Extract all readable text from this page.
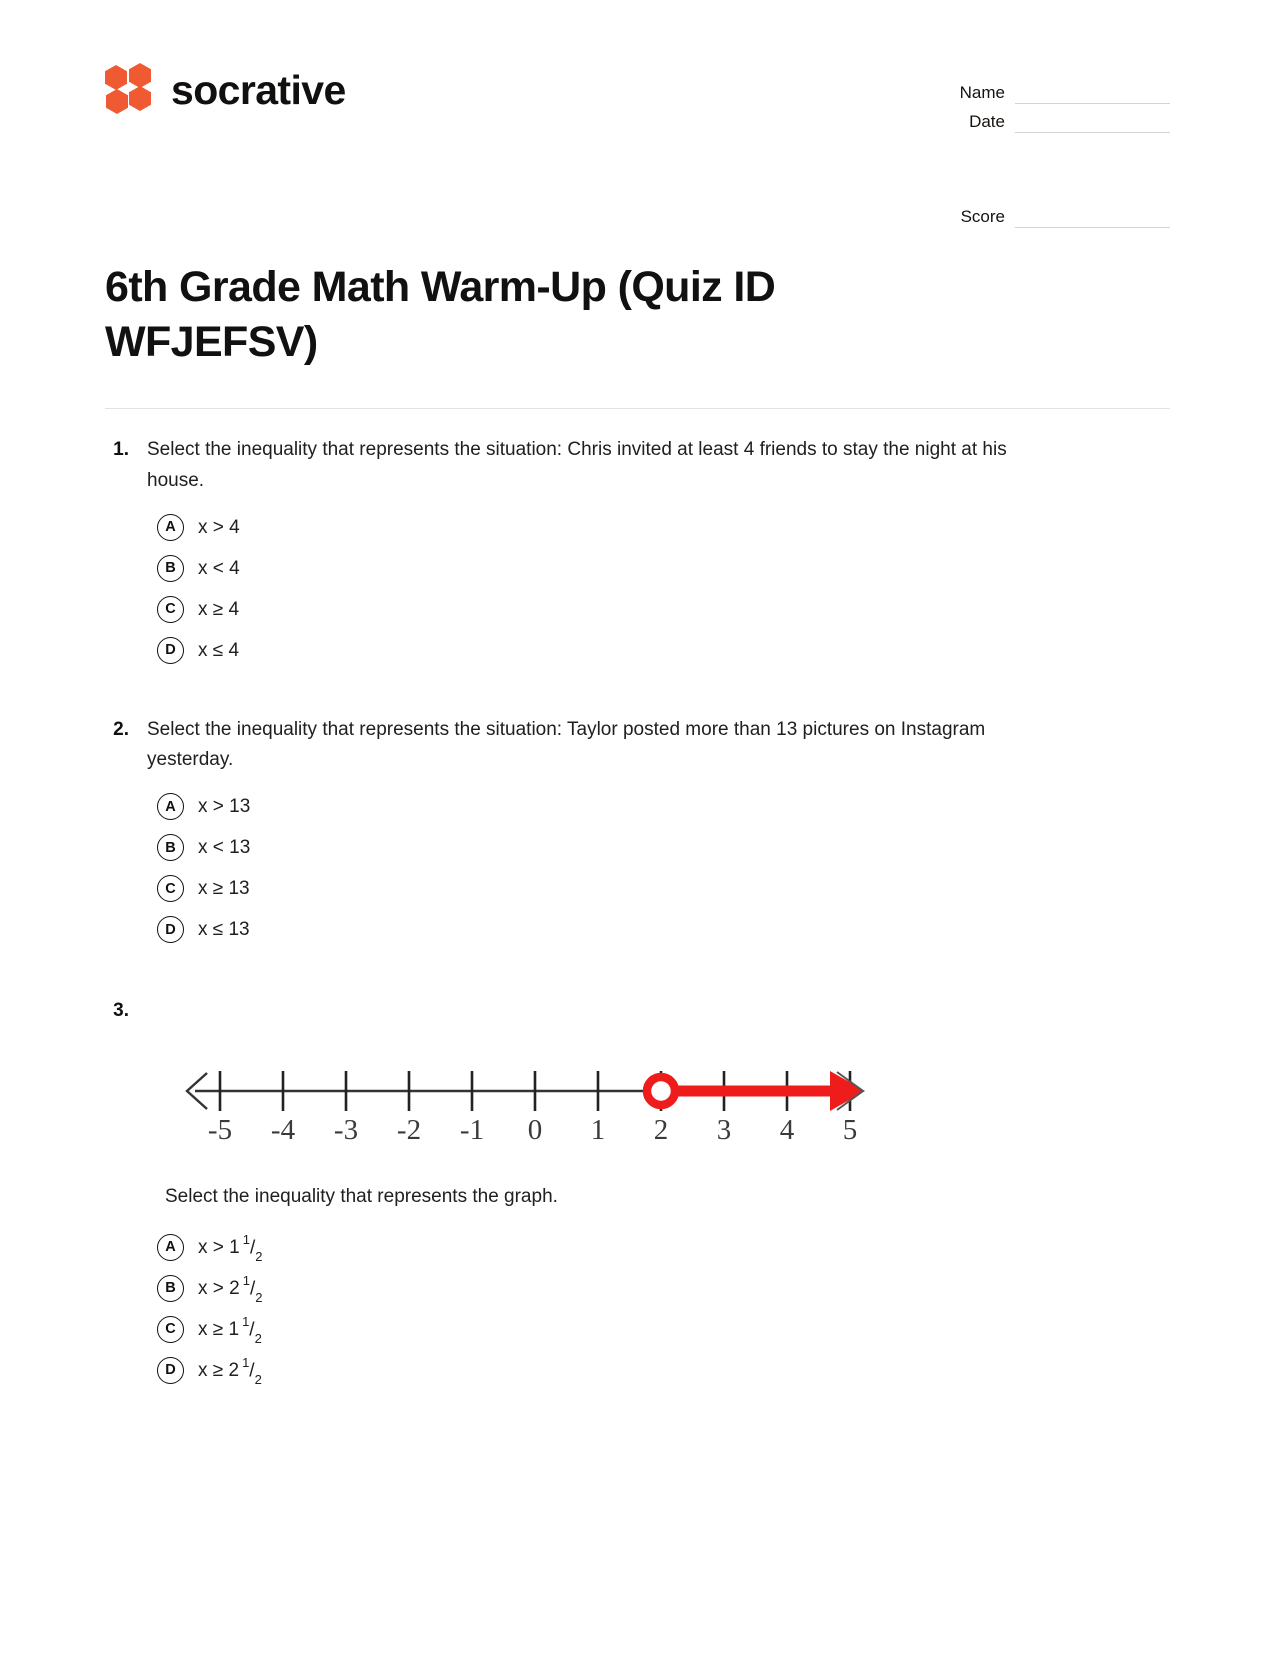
socrative	Name
Date
Score
6th Grade Math Warm-Up (Quiz ID WFJEFSV)
1. Select the inequality that represents the situation: Chris invited at least 4 friends to stay the night at his house.
A	x > 4
B	x < 4
C	x ≥ 4
D	x ≤ 4
2. Select the inequality that represents the situation: Taylor posted more than 13 pictures on Instagram yesterday.
A	x > 13
B	x < 13
C	x ≥ 13
D	x ≤ 13
3.
-5 -4 -3 -2 -1 0 1 2 3 4 5
Select the inequality that represents the graph.
A	x > 1 $^1/_2$
B	x > 2 $^1/_2$
C	x ≥ 1 $^1/_2$
D	x ≥ 2 $^1/_2$
